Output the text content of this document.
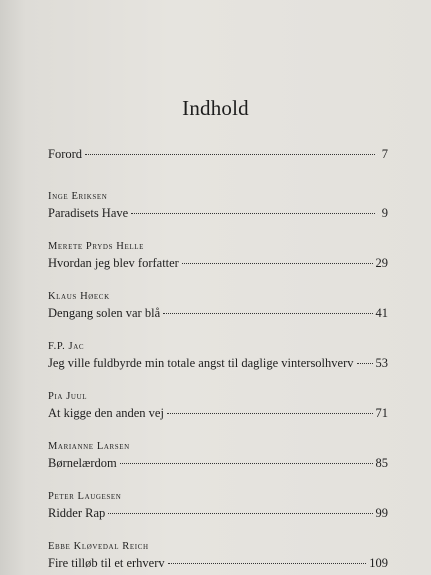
Indhold
Forord	7
Inge Eriksen
Paradisets Have	9
Merete Pryds Helle
Hvordan jeg blev forfatter	29
Klaus Høeck
Dengang solen var blå	41
F.P. Jac
Jeg ville fuldbyrde min totale angst til daglige vintersolhverv 53
Pia Juul
At kigge den anden vej	71
Marianne Larsen
Børnelærdom	85
Peter Laugesen
Ridder Rap	99
Ebbe Kløvedal Reich
Fire tilløb til et erhverv	109
